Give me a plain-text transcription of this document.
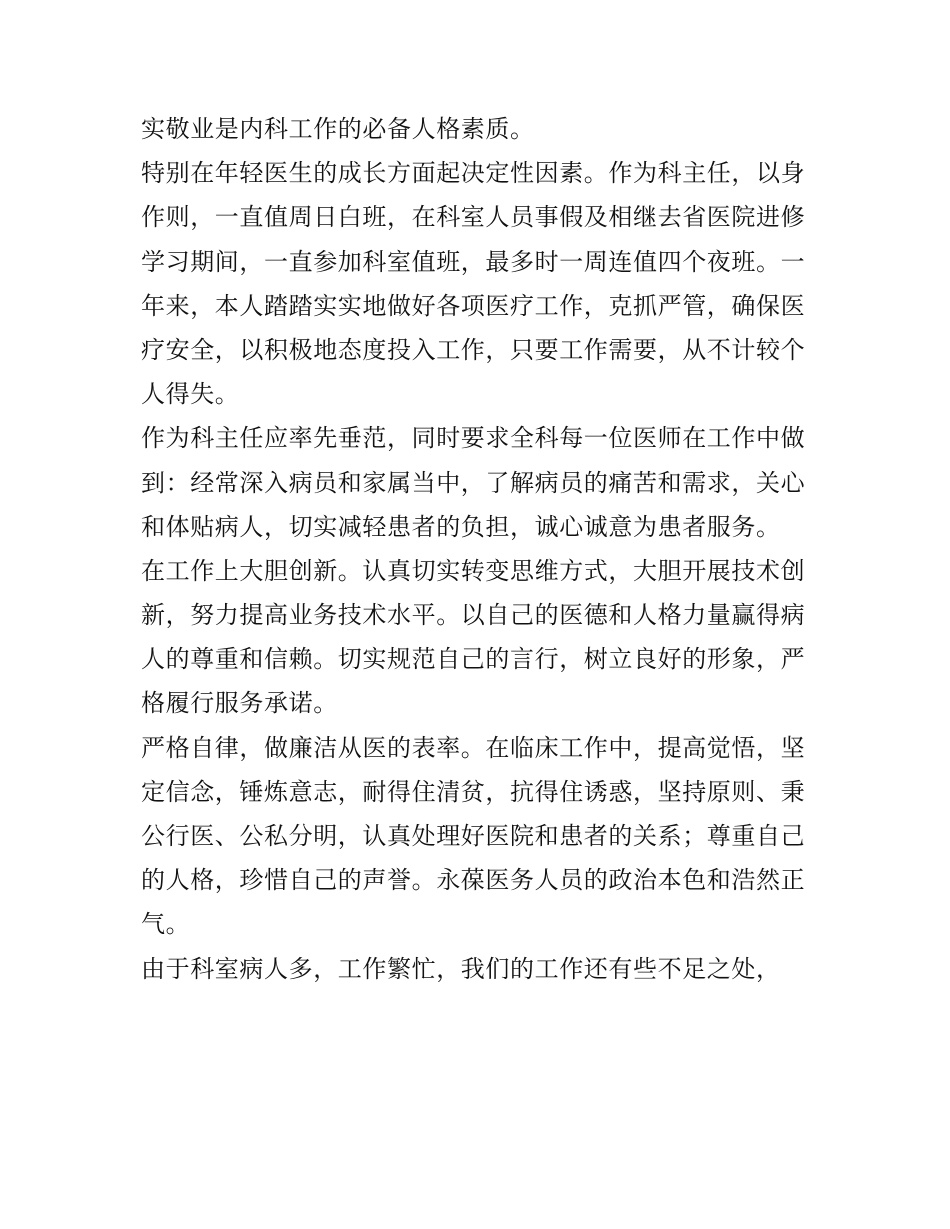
实敬业是内科工作的必备人格素质。
特别在年轻医生的成长方面起决定性因素。作为科主任，以身
作则，一直值周日白班，在科室人员事假及相继去省医院进修
学习期间，一直参加科室值班，最多时一周连值四个夜班。一
年来，本人踏踏实实地做好各项医疗工作，克抓严管，确保医
疗安全，以积极地态度投入工作，只要工作需要，从不计较个
人得失。
作为科主任应率先垂范，同时要求全科每一位医师在工作中做
到：经常深入病员和家属当中，了解病员的痛苦和需求，关心
和体贴病人，切实减轻患者的负担，诚心诚意为患者服务。
在工作上大胆创新。认真切实转变思维方式，大胆开展技术创
新，努力提高业务技术水平。以自己的医德和人格力量赢得病
人的尊重和信赖。切实规范自己的言行，树立良好的形象，严
格履行服务承诺。
严格自律，做廉洁从医的表率。在临床工作中，提高觉悟，坚
定信念，锤炼意志，耐得住清贫，抗得住诱惑，坚持原则、秉
公行医、公私分明，认真处理好医院和患者的关系；尊重自己
的人格，珍惜自己的声誉。永葆医务人员的政治本色和浩然正
气。
由于科室病人多，工作繁忙，我们的工作还有些不足之处，
